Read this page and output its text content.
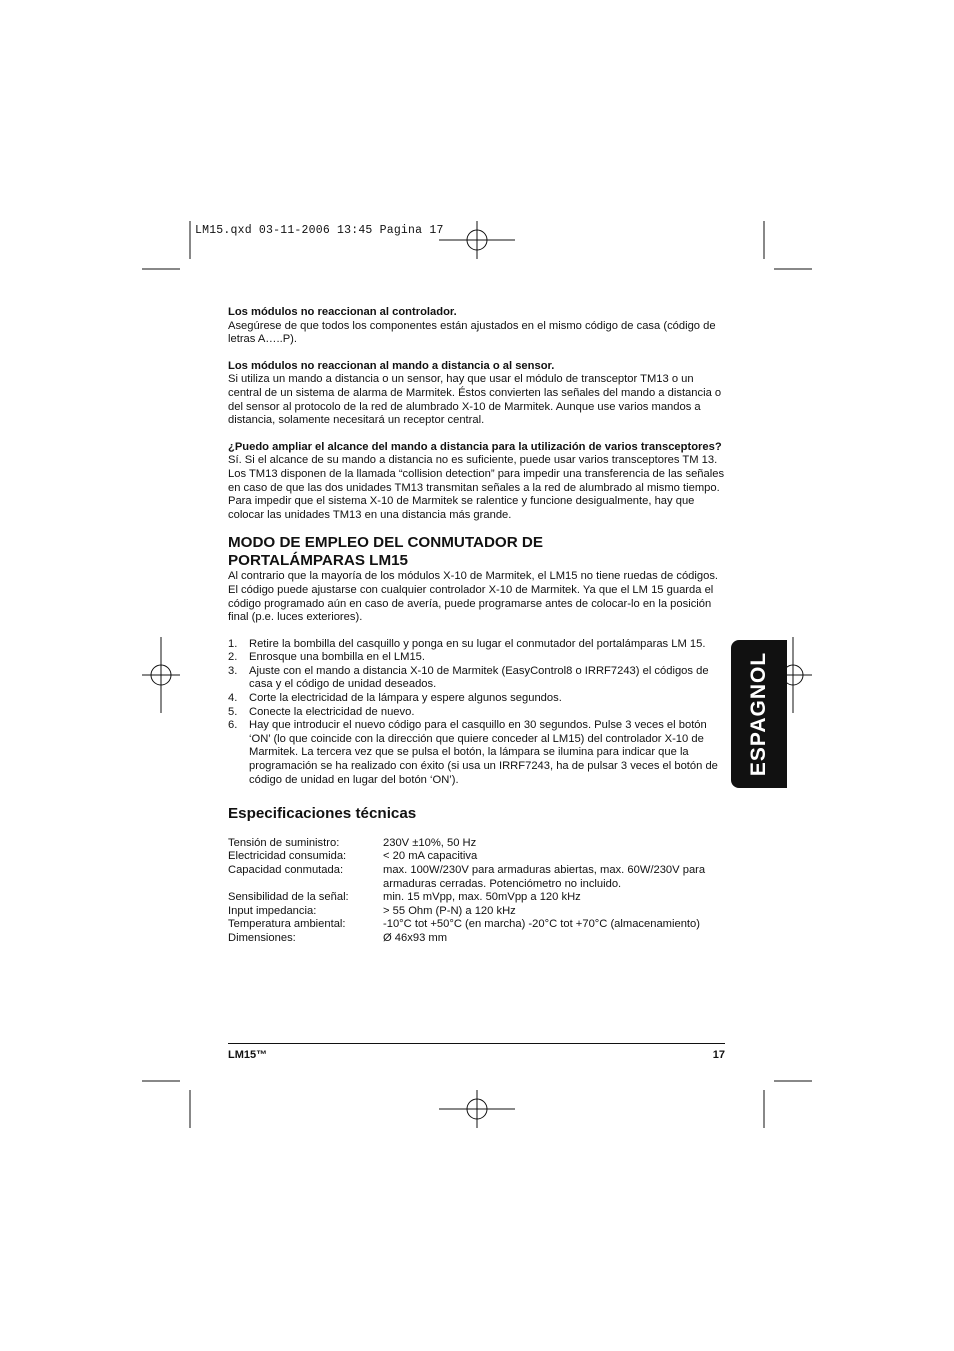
LM15.qxd 03-11-2006 13:45 Pagina 17
ESPAGNOL

Los módulos no reaccionan al controlador.

Asegúrese de que todos los componentes están ajustados en el mismo código de casa (código de letras A…..P).

Los módulos no reaccionan al mando a distancia o al sensor.

Si utiliza un mando a distancia o un sensor, hay que usar el módulo de transceptor TM13 o un central de un sistema de alarma de Marmitek. Éstos convierten las señales del mando a distancia o del sensor al protocolo de la red de alumbrado X-10 de Marmitek. Aunque use varios mandos a distancia, solamente necesitará un receptor central.

¿Puedo ampliar el alcance del mando a distancia para la utilización de varios transceptores?

Sí. Si el alcance de su mando a distancia no es suficiente, puede usar varios transceptores TM 13. Los TM13 disponen de la llamada “collision detection” para impedir una transferencia de las señales en caso de que las dos unidades TM13 transmitan señales a la red de alumbrado al mismo tiempo. Para impedir que el sistema X-10 de Marmitek se ralentice y funcione desigualmente, hay que colocar las unidades TM13 en una distancia más grande.

MODO DE EMPLEO DEL CONMUTADOR DE
PORTALÁMPARAS LM15

Al contrario que la mayoría de los módulos X-10 de Marmitek, el LM15 no tiene ruedas de códigos. El código puede ajustarse con cualquier controlador X-10 de Marmitek. Ya que el LM 15 guarda el código programado aún en caso de avería, puede programarse antes de colocar-lo en la posición final (p.e. luces exteriores).

1.	Retire la bombilla del casquillo y ponga en su lugar el conmutador del portalámparas LM 15.
2.	Enrosque una bombilla en el LM15.
3.	Ajuste con el mando a distancia X-10 de Marmitek (EasyControl8 o IRRF7243) el códigos de casa y el código de unidad deseados.
4.	Corte la electricidad de la lámpara y espere algunos segundos.
5.	Conecte la electricidad de nuevo.
6.	Hay que introducir el nuevo código para el casquillo en 30 segundos. Pulse 3 veces el botón ‘ON’ (lo que coincide con la dirección que quiere conceder al LM15) del controlador X-10 de Marmitek. La tercera vez que se pulsa el botón, la lámpara se ilumina para indicar que la programación se ha realizado con éxito (si usa un IRRF7243, ha de pulsar 3 veces el botón de código de unidad en lugar del botón ‘ON’).
Especificaciones técnicas
Tensión de suministro:	230V ±10%, 50 Hz
Electricidad consumida:	< 20 mA capacitiva
Capacidad conmutada:	max. 100W/230V para armaduras abiertas, max. 60W/230V para armaduras cerradas. Potenciómetro no incluido.
Sensibilidad de la señal:	min. 15 mVpp, max. 50mVpp a 120 kHz
Input impedancia:	> 55 Ohm (P-N) a 120 kHz
Temperatura ambiental:	-10°C tot +50°C (en marcha) -20°C tot +70°C (almacenamiento)
Dimensiones:	Ø 46x93 mm
LM15™	17
